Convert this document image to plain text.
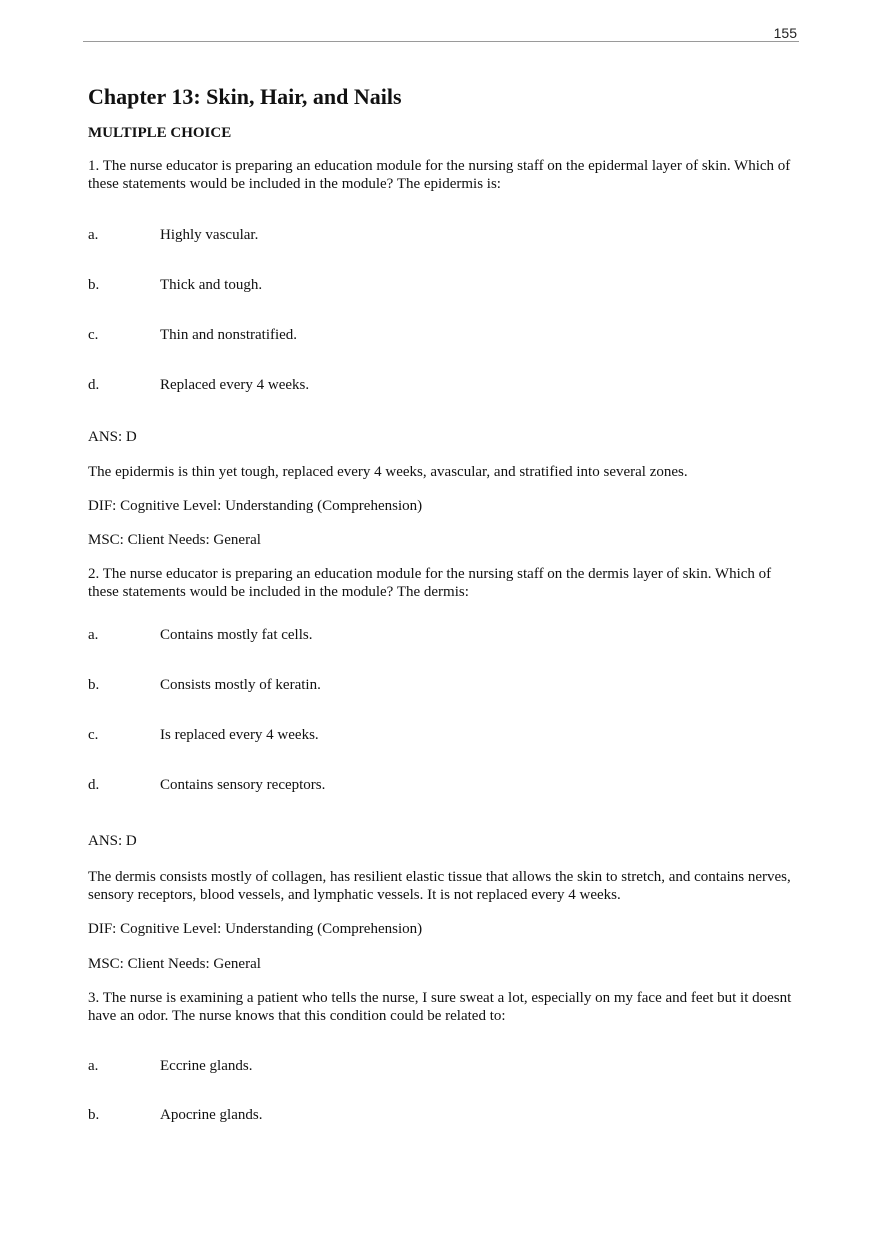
155
Chapter 13: Skin, Hair, and Nails
MULTIPLE CHOICE

1. The nurse educator is preparing an education module for the nursing staff on the epidermal layer of skin. Which of these statements would be included in the module? The epidermis is:

a.	Highly vascular.
b.	Thick and tough.
c.	Thin and nonstratified.
d.	Replaced every 4 weeks.

ANS: D

The epidermis is thin yet tough, replaced every 4 weeks, avascular, and stratified into several zones.

DIF: Cognitive Level: Understanding (Comprehension)

MSC: Client Needs: General

2. The nurse educator is preparing an education module for the nursing staff on the dermis layer of skin. Which of these statements would be included in the module? The dermis:

a.	Contains mostly fat cells.
b.	Consists mostly of keratin.
c.	Is replaced every 4 weeks.
d.	Contains sensory receptors.

ANS: D

The dermis consists mostly of collagen, has resilient elastic tissue that allows the skin to stretch, and contains nerves, sensory receptors, blood vessels, and lymphatic vessels. It is not replaced every 4 weeks.

DIF: Cognitive Level: Understanding (Comprehension)

MSC: Client Needs: General

3. The nurse is examining a patient who tells the nurse, I sure sweat a lot, especially on my face and feet but it doesnt have an odor. The nurse knows that this condition could be related to:

a.	Eccrine glands.
b.	Apocrine glands.
